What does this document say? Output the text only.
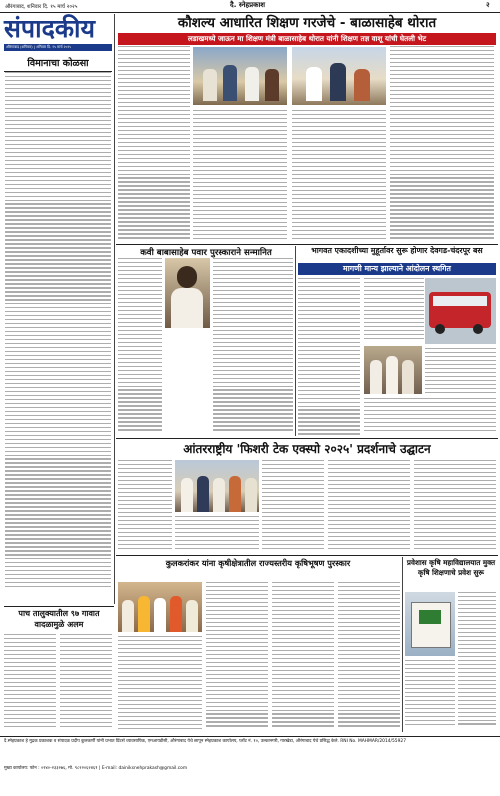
औरंगाबाद, शनिवार दि. १५ मार्च २०२५	दै. स्नेहप्रकाश	२
संपादकीय
औरंगाबाद (शनिवार) | शनिवार दि. १५ मार्च २०२५
विमानाचा कोळसा
कौशल्य आधारित शिक्षण गरजेचे - बाळासाहेब थोरात
लडाखमध्ये जाऊन मा शिक्षण मंत्री बाळासाहेब थोरात यांनी शिक्षण तज्ञ वाशू यांची घेतली भेट
कवी बाबासाहेब पवार पुरस्काराने सन्मानित	भागवत एकादशीच्या मुहूर्तावर सुरू होणार देवगड-चंदरपूर बस
मागणी मान्य झाल्याने आंदोलन स्थगित
आंतरराष्ट्रीय 'फिशरी टेक एक्स्पो २०२५' प्रदर्शनाचे उद्घाटन
कुलकरांकर यांना कृषीक्षेत्रातील राज्यस्तरीय कृषिभूषण पुरस्कार	प्रवेशास कृषि महाविद्यालयात मुक्त कृषि शिक्षणाचे प्रवेश सुरू
पाच तालुक्यातील ९७ गावात वादळामुळे अलम
दै.स्नेहप्रकाश हे मुद्रक प्रकाशक व संपादक प्रदीप कुलकर्णी यांनी प्रभात प्रिंटर्स व्यावसायिक, एमआयडीसी, औरंगाबाद येथे छापून स्नेहप्रकाश कार्यालय, प्लॉट नं. १०, उल्कानगरी, गारखेडा, औरंगाबाद येथे प्रसिद्ध केले. RNI No. MAHMAR/2014/55927
मुख्य कार्यालय: फोन : ०२४०-२३३२७६, मो. ९८२२०६२४६१ | E-mail: dainiksnehprakash@gmail.com
